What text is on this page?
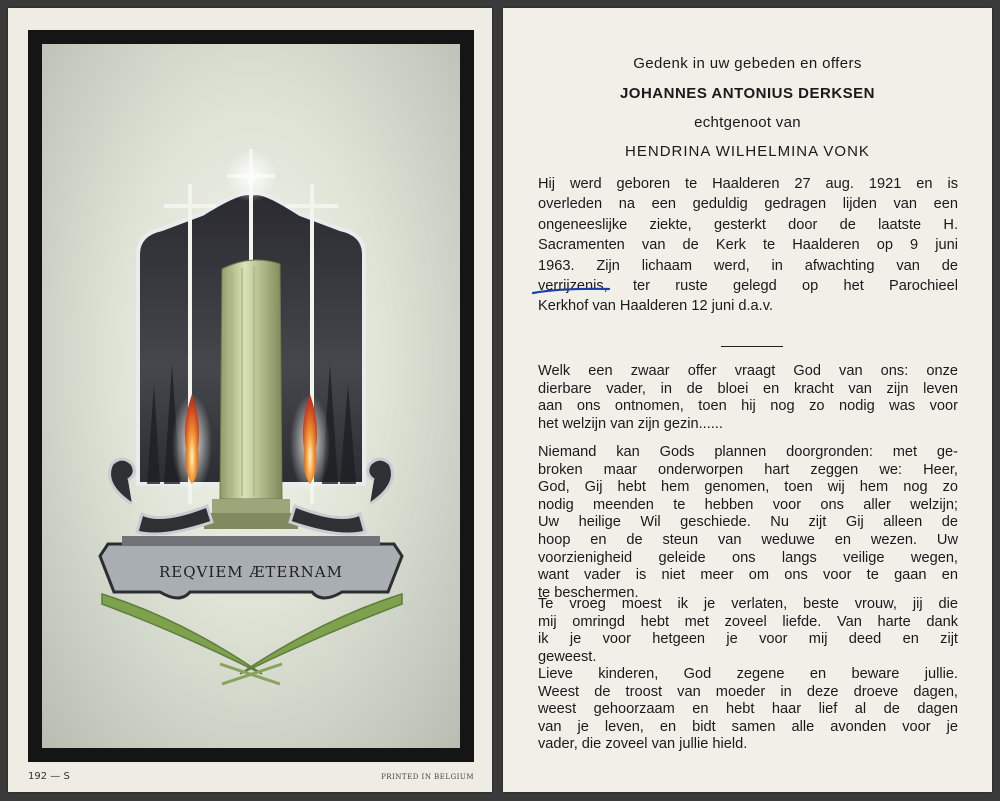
REQVIEM ÆTERNAM
192 — S	PRINTED IN BELGIUM
Gedenk in uw gebeden en offers
JOHANNES ANTONIUS DERKSEN
echtgenoot van
HENDRINA WILHELMINA VONK
Hij werd geboren te Haalderen 27 aug. 1921 en is
overleden na een geduldig gedragen lijden van een
ongeneeslijke ziekte, gesterkt door de laatste H.
Sacramenten van de Kerk te Haalderen op 9 juni
1963. Zijn lichaam werd, in afwachting van de
verrijzenis, ter ruste gelegd op het Parochieel
Kerkhof van Haalderen 12 juni d.a.v.
Welk een zwaar offer vraagt God van ons: onze
dierbare vader, in de bloei en kracht van zijn leven
aan ons ontnomen, toen hij nog zo nodig was voor
het welzijn van zijn gezin......
Niemand kan Gods plannen doorgronden: met ge-
broken maar onderworpen hart zeggen we: Heer,
God, Gij hebt hem genomen, toen wij hem nog zo
nodig meenden te hebben voor ons aller welzijn;
Uw heilige Wil geschiede. Nu zijt Gij alleen de
hoop en de steun van weduwe en wezen. Uw
voorzienigheid geleide ons langs veilige wegen,
want vader is niet meer om ons voor te gaan en
te beschermen.
Te vroeg moest ik je verlaten, beste vrouw, jij die
mij omringd hebt met zoveel liefde. Van harte dank
ik je voor hetgeen je voor mij deed en zijt
geweest.
Lieve kinderen, God zegene en beware jullie.
Weest de troost van moeder in deze droeve dagen,
weest gehoorzaam en hebt haar lief al de dagen
van je leven, en bidt samen alle avonden voor je
vader, die zoveel van jullie hield.
